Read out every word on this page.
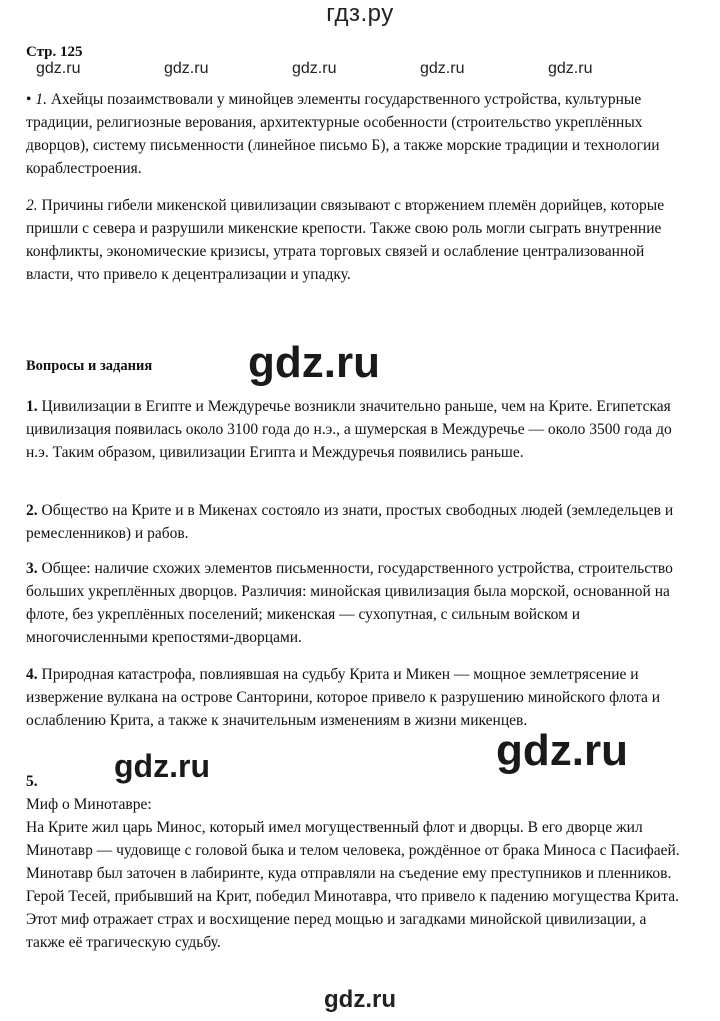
гдз.ру
Стр. 125
gdz.ru	gdz.ru	gdz.ru	gdz.ru	gdz.ru

• 1. Ахейцы позаимствовали у минойцев элементы государственного устройства, культурные традиции, религиозные верования, архитектурные особенности (строительство укреплённых дворцов), систему письменности (линейное письмо Б), а также морские традиции и технологии кораблестроения.

2. Причины гибели микенской цивилизации связывают с вторжением племён дорийцев, которые пришли с севера и разрушили микенские крепости. Также свою роль могли сыграть внутренние конфликты, экономические кризисы, утрата торговых связей и ослабление централизованной власти, что привело к децентрализации и упадку.

Вопросы и задания gdz.ru

1. Цивилизации в Египте и Междуречье возникли значительно раньше, чем на Крите. Египетская цивилизация появилась около 3100 года до н.э., а шумерская в Междуречье — около 3500 года до н.э. Таким образом, цивилизации Египта и Междуречья появились раньше.

2. Общество на Крите и в Микенах состояло из знати, простых свободных людей (земледельцев и ремесленников) и рабов.

3. Общее: наличие схожих элементов письменности, государственного устройства, строительство больших укреплённых дворцов. Различия: минойская цивилизация была морской, основанной на флоте, без укреплённых поселений; микенская — сухопутная, с сильным войском и многочисленными крепостями-дворцами.

4. Природная катастрофа, повлиявшая на судьбу Крита и Микен — мощное землетрясение и извержение вулкана на острове Санторини, которое привело к разрушению минойского флота и ослаблению Крита, а также к значительным изменениям в жизни микенцев.

gdz.ru
gdz.ru
5.
Миф о Минотавре:

На Крите жил царь Минос, который имел могущественный флот и дворцы. В его дворце жил Минотавр — чудовище с головой быка и телом человека, рождённое от брака Миноса с Пасифаей. Минотавр был заточен в лабиринте, куда отправляли на съедение ему преступников и пленников. Герой Тесей, прибывший на Крит, победил Минотавра, что привело к падению могущества Крита. Этот миф отражает страх и восхищение перед мощью и загадками минойской цивилизации, а также её трагическую судьбу.

gdz.ru
